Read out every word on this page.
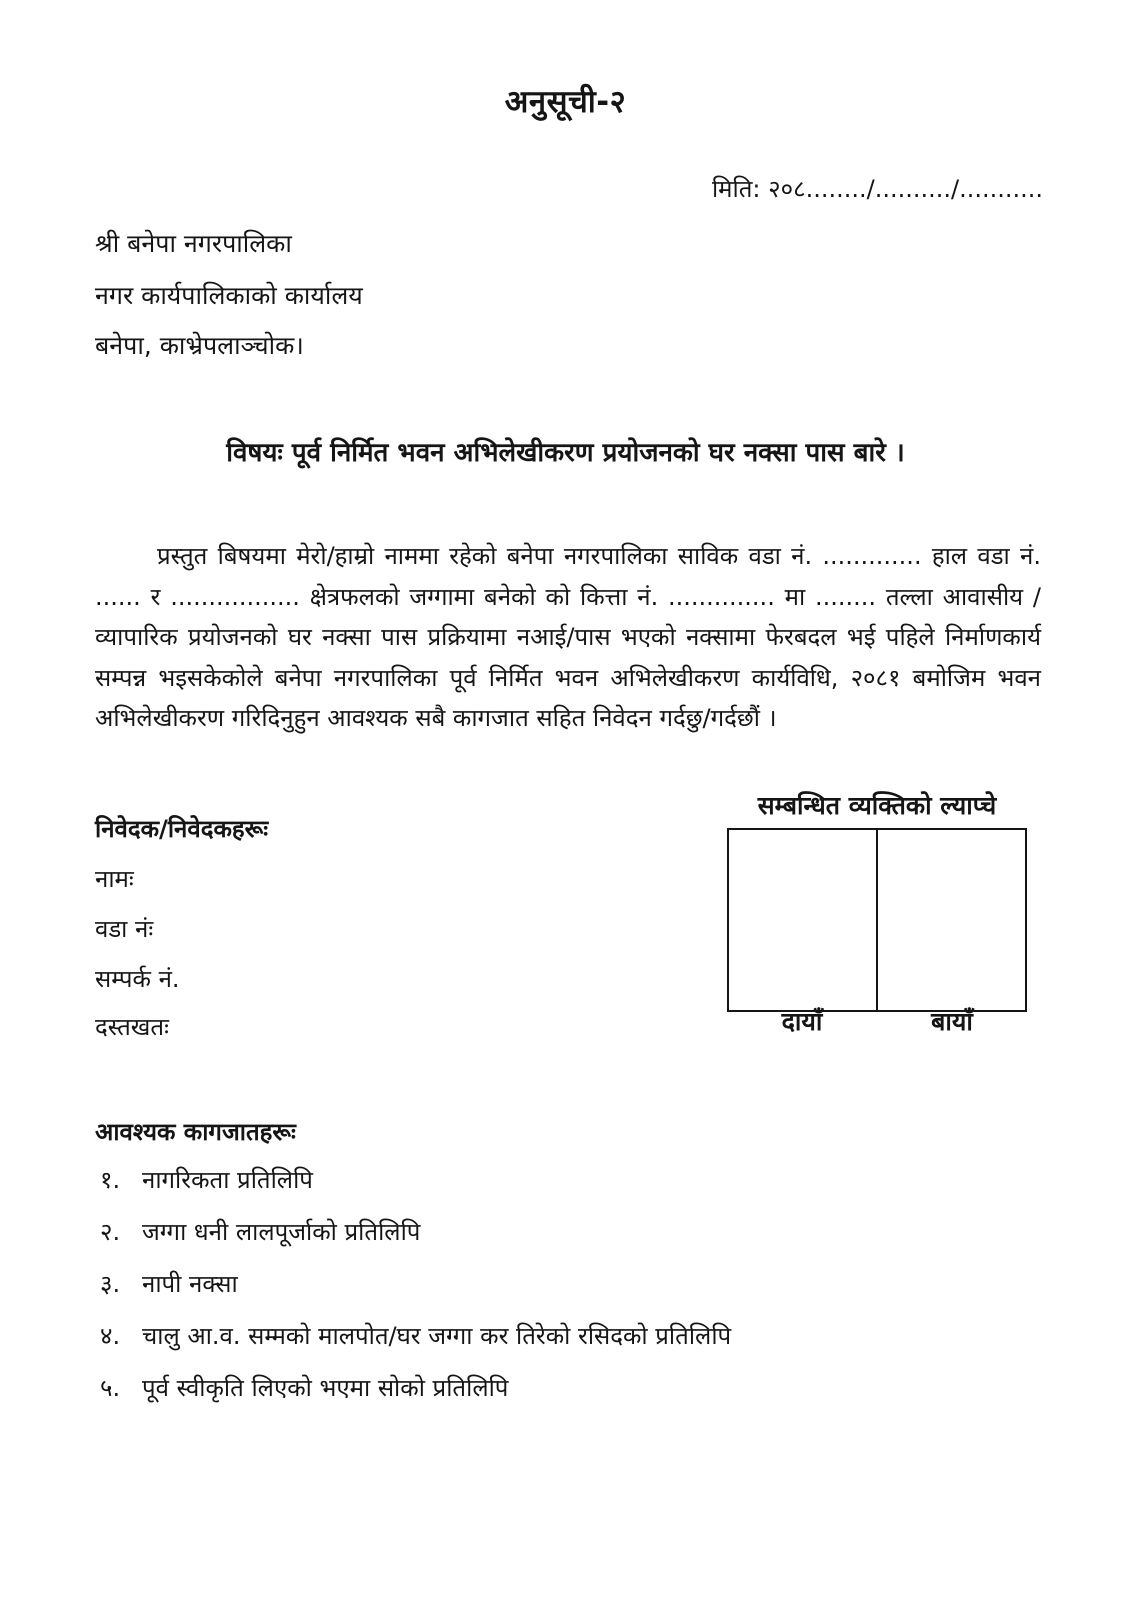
अनुसूची-२
मिति: २०८......../........../...........
श्री बनेपा नगरपालिका
नगर कार्यपालिकाको कार्यालय
बनेपा, काभ्रेपलाञ्चोक।
विषयः पूर्व निर्मित भवन अभिलेखीकरण प्रयोजनको घर नक्सा पास बारे ।
प्रस्तुत बिषयमा मेरो/हाम्रो नाममा रहेको बनेपा नगरपालिका साविक वडा नं. ............. हाल वडा नं. ...... र ................. क्षेत्रफलको जग्गामा बनेको को कित्ता नं. .............. मा ........ तल्ला आवासीय /व्यापारिक प्रयोजनको घर नक्सा पास प्रक्रियामा नआई/पास भएको नक्सामा फेरबदल भई पहिले निर्माणकार्य सम्पन्न भइसकेकोले बनेपा नगरपालिका पूर्व निर्मित भवन अभिलेखीकरण कार्यविधि, २०८१ बमोजिम भवन अभिलेखीकरण गरिदिनुहुन आवश्यक सबै कागजात सहित निवेदन गर्दछु/गर्दछौं ।
सम्बन्धित व्यक्तिको ल्याप्चे
दायाँ	बायाँ
निवेदक/निवेदकहरूः
नामः
वडा नंः
सम्पर्क नं.
दस्तखतः
आवश्यक कागजातहरूः
१. नागरिकता प्रतिलिपि
२. जग्गा धनी लालपूर्जाको प्रतिलिपि
३. नापी नक्सा
४. चालु आ.व. सम्मको मालपोत/घर जग्गा कर तिरेको रसिदको प्रतिलिपि
५. पूर्व स्वीकृति लिएको भएमा सोको प्रतिलिपि
